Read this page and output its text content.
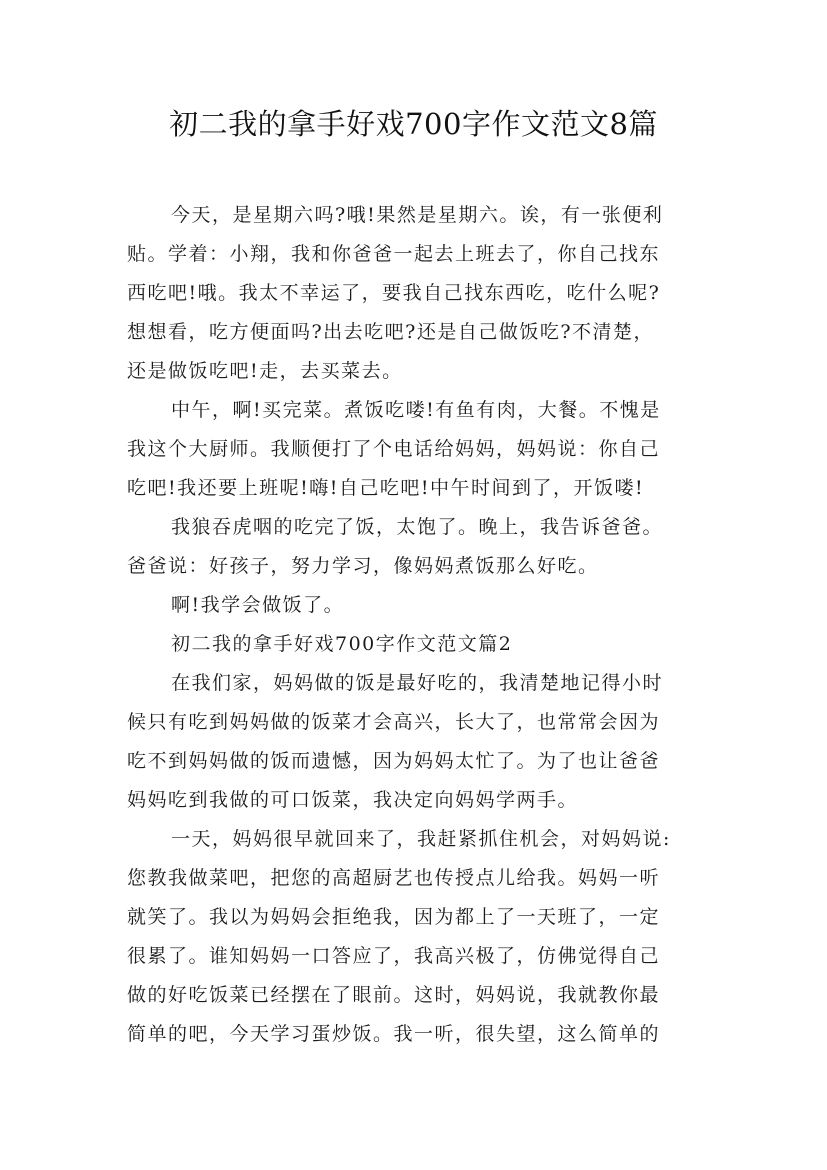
初二我的拿手好戏700字作文范文8篇
今天，是星期六吗?哦!果然是星期六。诶，有一张便利
贴。学着：小翔，我和你爸爸一起去上班去了，你自己找东
西吃吧!哦。我太不幸运了，要我自己找东西吃，吃什么呢?
想想看，吃方便面吗?出去吃吧?还是自己做饭吃?不清楚，
还是做饭吃吧!走，去买菜去。
中午，啊!买完菜。煮饭吃喽!有鱼有肉，大餐。不愧是
我这个大厨师。我顺便打了个电话给妈妈，妈妈说：你自己
吃吧!我还要上班呢!嗨!自己吃吧!中午时间到了，开饭喽!
我狼吞虎咽的吃完了饭，太饱了。晚上，我告诉爸爸。
爸爸说：好孩子，努力学习，像妈妈煮饭那么好吃。
啊!我学会做饭了。
初二我的拿手好戏700字作文范文篇2
在我们家，妈妈做的饭是最好吃的，我清楚地记得小时
候只有吃到妈妈做的饭菜才会高兴，长大了，也常常会因为
吃不到妈妈做的饭而遗憾，因为妈妈太忙了。为了也让爸爸
妈妈吃到我做的可口饭菜，我决定向妈妈学两手。
一天，妈妈很早就回来了，我赶紧抓住机会，对妈妈说:
您教我做菜吧，把您的高超厨艺也传授点儿给我。妈妈一听
就笑了。我以为妈妈会拒绝我，因为都上了一天班了，一定
很累了。谁知妈妈一口答应了，我高兴极了，仿佛觉得自己
做的好吃饭菜已经摆在了眼前。这时，妈妈说，我就教你最
简单的吧，今天学习蛋炒饭。我一听，很失望，这么简单的
